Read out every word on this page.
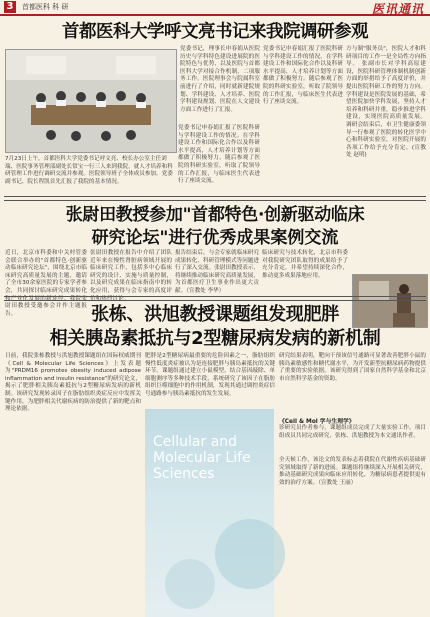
3	首都医科 科 研	医讯通讯
首都医科大学呼文亮书记来我院调研参观
7月23日上午，首都医科大学党委书记呼文亮、校长办公室主任刘瑞、医院事务管理部副处长常宝一行三人来到我院，就人才培养和科研管理工作进行调研交流并参观。医院领导班子全体成员参加。党委副书记、院长程凯首先汇报了我院的基本情况。
党委书记，理事长申春娟从医院历史与学科特色建设进展院的医院特色与优势，以及医院与首都医科大学对接合作机制，二项服务工作，医院理事会与院属科室前进行了介绍，同时就新建院规划、学科建设、人才培养、医院学科建设规划、医院在人文建设方面工作进行了汇报。
党委书记申春娟汇报了医院科研与学科建设工作的情况。在学科建设工作和国际化合作以及科研水平提高，人才培养计划等方面都做了积极努力。随后参观了医院的科研实验室，听取了院领导的工作汇报，与临床医生代表进行了座谈交流。
党委书记申春娟汇报了医院科研与学科建设工作的情况。在学科建设工作和国际化合作以及科研水平提高，人才培养计划等方面都做了积极努力。随后参观了医院的科研实验室，听取了院领导的工作汇报，与临床医生代表进行了座谈交流。
方与制"服务员"，医院人才和科研项目的工作一是全局性方向指导。 张副市长对学科高原建设，医院科研管理体制机制创新方面的举措给予了高度评价，并提出医院科研工作的努力方向。 学科建设是医院发展的基础，希望医院加快学科发展，坚持人才培养和科研并重，稳步推进学科建设，实现医院高质量发展。 调研会结束后，市卫生健康委领导一行参观了医院的转化医学中心和科研实验室，对医院开展的各项工作给予充分肯定。(宣教处 赵明)
张尉田教授参加"首都特色·创新驱动临床
研究论坛"进行优秀成果案例交流
近日，北京市科委和中关村管委会联合举办的"首都特色·创新驱动临床研究论坛"，围绕北京市临床研究高质量发展的主题，邀请了全市30余家医院的专家学者参会，共同探讨临床研究成果转化和产业化发展的新途径。我院张尉田教授受邀参会并作主题报告。
张尉田教授在报告中介绍了团队近年来在慢性肾脏病领域开展的临床研究工作，包括多中心临床研究的设计、实施与质量控制，以及研究成果在临床指南中的转化应用，获得与会专家的高度评价和热烈讨论。
报告结束后，与会专家就临床研究成果转化、科研管理模式等问题进行了深入交流。张尉田教授表示，将继续推动临床研究高质量发展，为首都医疗卫生事业作出更大贡献。（宣教处 李华）
临床研究与技术转化，北京市科委对我院研究团队取得的成果给予了充分肯定，并希望持续深化合作，推动更多成果落地应用。
张栋、洪旭教授课题组发现肥胖
相关胰岛素抵抗与2型糖尿病发病的新机制
日前，我院张栋教授与洪旭教授课题组在国际权威期刊《Cell & Molecular Life Sciences》上发表题为"PRDM16 promotes obesity induced adipose inflammation and insulin resistance"的研究论文，揭示了肥胖相关胰岛素抵抗与2型糖尿病发病的新机制。该研究发现转录因子在脂肪组织炎症反应中发挥关键作用，为肥胖相关代谢疾病的防治提供了新的靶点和理论依据。
肥胖是2型糖尿病最重要的危险因素之一，脂肪组织慢性低度炎症被认为是连接肥胖与胰岛素抵抗的关键环节。课题组通过建立小鼠模型，结合基因敲除、单细胞测序等多种技术手段，系统研究了该因子在脂肪组织巨噬细胞中的作用机制，发现其通过调控炎症信号通路参与胰岛素抵抗的发生发展。
研究结果表明，靶向干预该信号通路可显著改善肥胖小鼠的胰岛素敏感性和糖代谢水平，为开发新型抗糖尿病药物提供了重要的实验依据。该研究得到了国家自然科学基金和北京市自然科学基金的资助。
Cellular and Molecular Life Sciences
《Cell & Mol 学与生理学》
诊研究员作者参与，课题组成员完成了大量实验工作，项目组成员共同完成研究，张栋、洪旭教授为本文通讯作者。
全天候工作，该论文的发表标志着我院在代谢性疾病基础研究领域取得了新的进展。课题组将继续深入开展相关研究，推动基础研究成果向临床应用转化，为糖尿病患者提供更有效的治疗方案。（宣教处 王丽）
